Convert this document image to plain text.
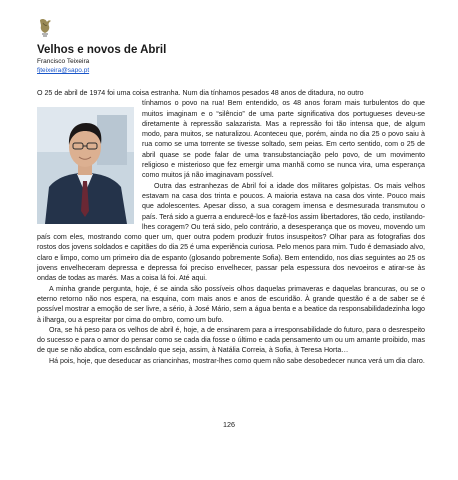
Velhos e novos de Abril
Francisco Teixeira
fjteixeira@sapo.pt

O 25 de abril de 1974 foi uma coisa estranha. Num dia tínhamos pesados 48 anos de ditadura, no outro

tínhamos o povo na rua! Bem entendido, os 48 anos foram mais turbulentos do que muitos imaginam e o “silêncio” de uma parte significativa dos portugueses deveu-se diretamente à repressão salazarista. Mas a repressão foi tão intensa que, de algum modo, para muitos, se naturalizou. Aconteceu que, porém, ainda no dia 25 o povo saiu à rua como se uma torrente se tivesse soltado, sem peias. Em certo sentido, com o 25 de abril quase se pode falar de uma transubstanciação pelo povo, de um movimento religioso e misterioso que fez emergir uma manhã como se nunca vira, uma esperança como muitos já não imaginavam possível.

Outra das estranhezas de Abril foi a idade dos militares golpistas. Os mais velhos estavam na casa dos trinta e poucos. A maioria estava na casa dos vinte. Pouco mais que adolescentes. Apesar disso, a sua coragem imensa e desmesurada transmutou o país. Terá sido a guerra a endurecê-los e fazê-los assim libertadores, tão cedo, instilando-lhes coragem? Ou terá sido, pelo contrário, a desesperança que os moveu, movendo um país com eles, mostrando como quer um, quer outra podem produzir frutos insuspeitos? Olhar para as fotografias dos rostos dos jovens soldados e capitães do dia 25 é uma experiência curiosa. Pelo menos para mim. Tudo é demasiado alvo, claro e limpo, como um primeiro dia de espanto (glosando pobremente Sofia). Bem entendido, nos dias seguintes ao 25 os jovens envelheceram depressa e depressa foi preciso envelhecer, passar pela espessura dos nevoeiros e atirar-se às ondas de todas as marés. Mas a coisa lá foi. Até aqui.

A minha grande pergunta, hoje, é se ainda são possíveis olhos daquelas primaveras e daquelas brancuras, ou se o eterno retorno não nos espera, na esquina, com mais anos e anos de escuridão. À grande questão é a de saber se é possível mostrar a emoção de ser livre, a sério, à José Mário, sem a água benta e a beatice da responsabilidadezinha logo à ilharga, ou a espreitar por cima do ombro, como um bufo.

Ora, se há peso para os velhos de abril é, hoje, a de ensinarem para a irresponsabilidade do futuro, para o desrespeito do sucesso e para o amor do pensar como se cada dia fosse o último e cada pensamento um ou um amante proibido, mas de que se não abdica, com escândalo que seja, assim, à Natália Correia, à Sofia, à Teresa Horta…

Há pois, hoje, que deseducar as criancinhas, mostrar-lhes como quem não sabe desobedecer nunca verá um dia claro.

126
